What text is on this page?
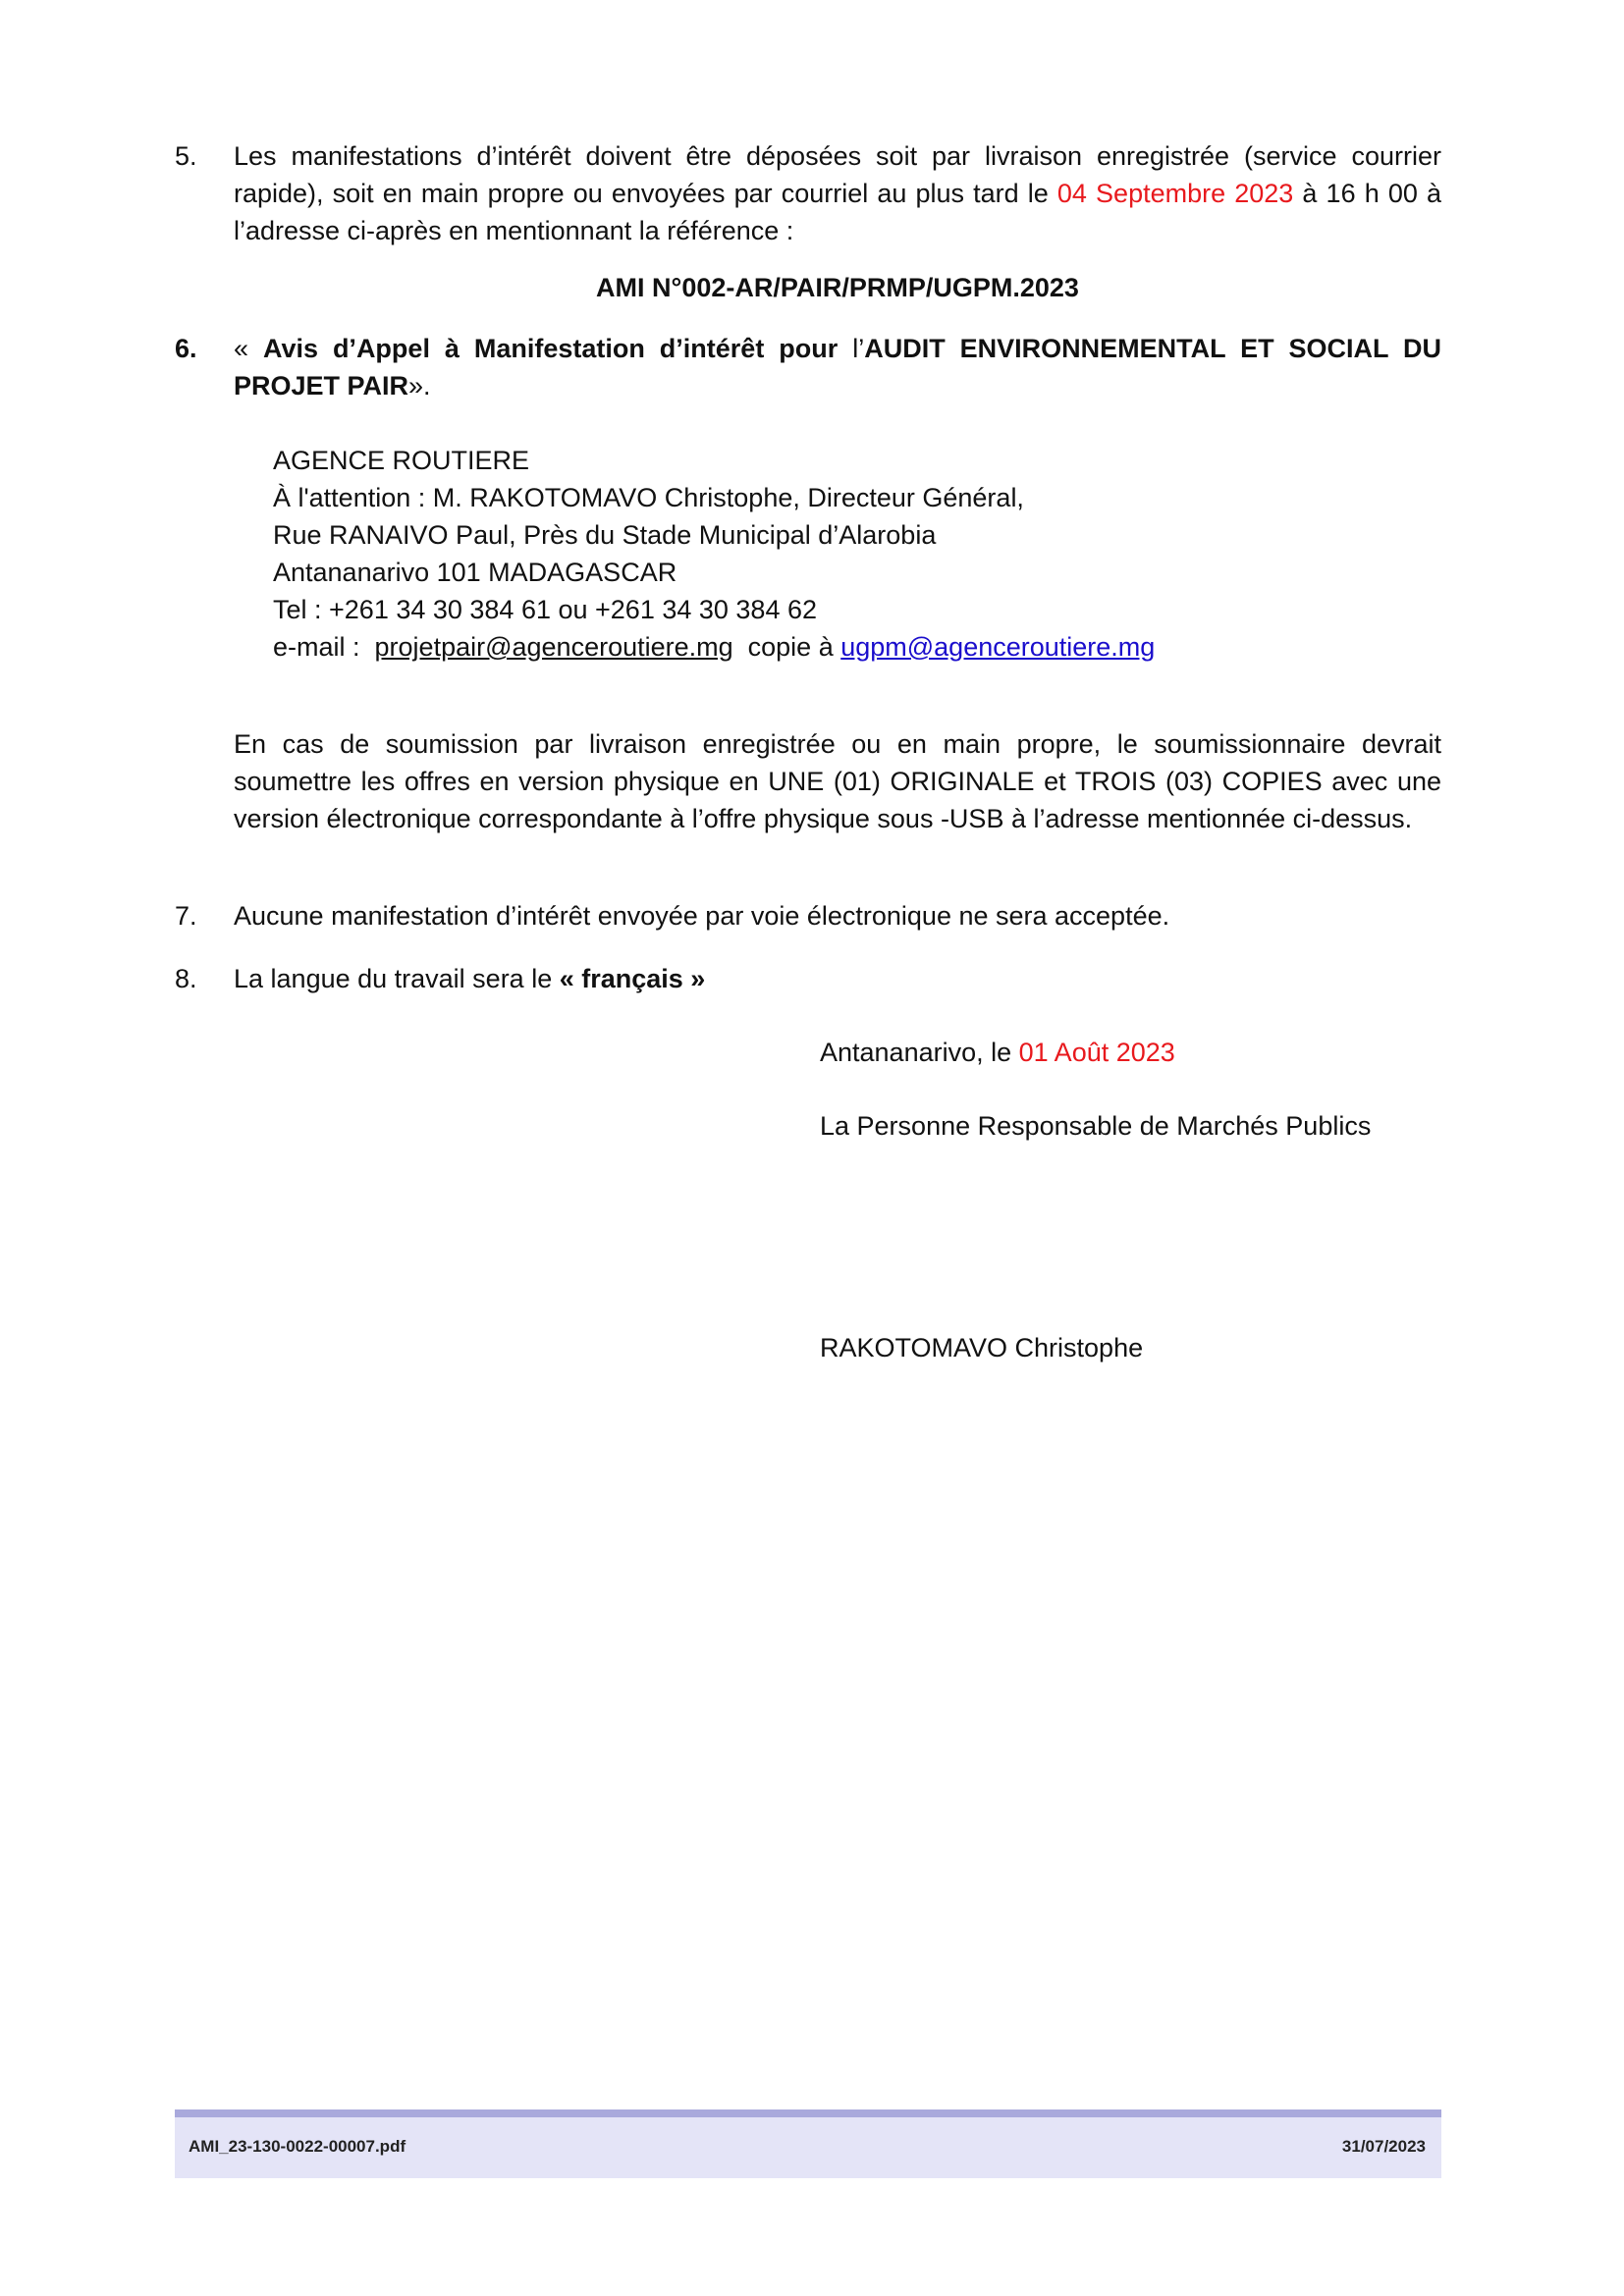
5.	Les manifestations d’intérêt doivent être déposées soit par livraison enregistrée (service courrier rapide), soit en main propre ou envoyées par courriel au plus tard le 04 Septembre 2023 à 16 h 00 à l’adresse ci-après en mentionnant la référence :
AMI N°002-AR/PAIR/PRMP/UGPM.2023
6.	« Avis d’Appel à Manifestation d’intérêt pour l’AUDIT ENVIRONNEMENTAL ET SOCIAL DU PROJET PAIR».
AGENCE ROUTIERE
À l'attention : M. RAKOTOMAVO Christophe, Directeur Général,
Rue RANAIVO Paul, Près du Stade Municipal d’Alarobia
Antananarivo 101 MADAGASCAR
Tel : +261 34 30 384 61 ou +261 34 30 384 62
e-mail :  projetpair@agenceroutiere.mg  copie à ugpm@agenceroutiere.mg
En cas de soumission par livraison enregistrée ou en main propre, le soumissionnaire devrait soumettre les offres en version physique en UNE (01) ORIGINALE et TROIS (03) COPIES avec une version électronique correspondante à l’offre physique sous -USB à l’adresse mentionnée ci-dessus.
7.	Aucune manifestation d’intérêt envoyée par voie électronique ne sera acceptée.
8.	La langue du travail sera le « français »
Antananarivo, le 01 Août 2023
La Personne Responsable de Marchés Publics
RAKOTOMAVO Christophe
AMI_23-130-0022-00007.pdf	31/07/2023
